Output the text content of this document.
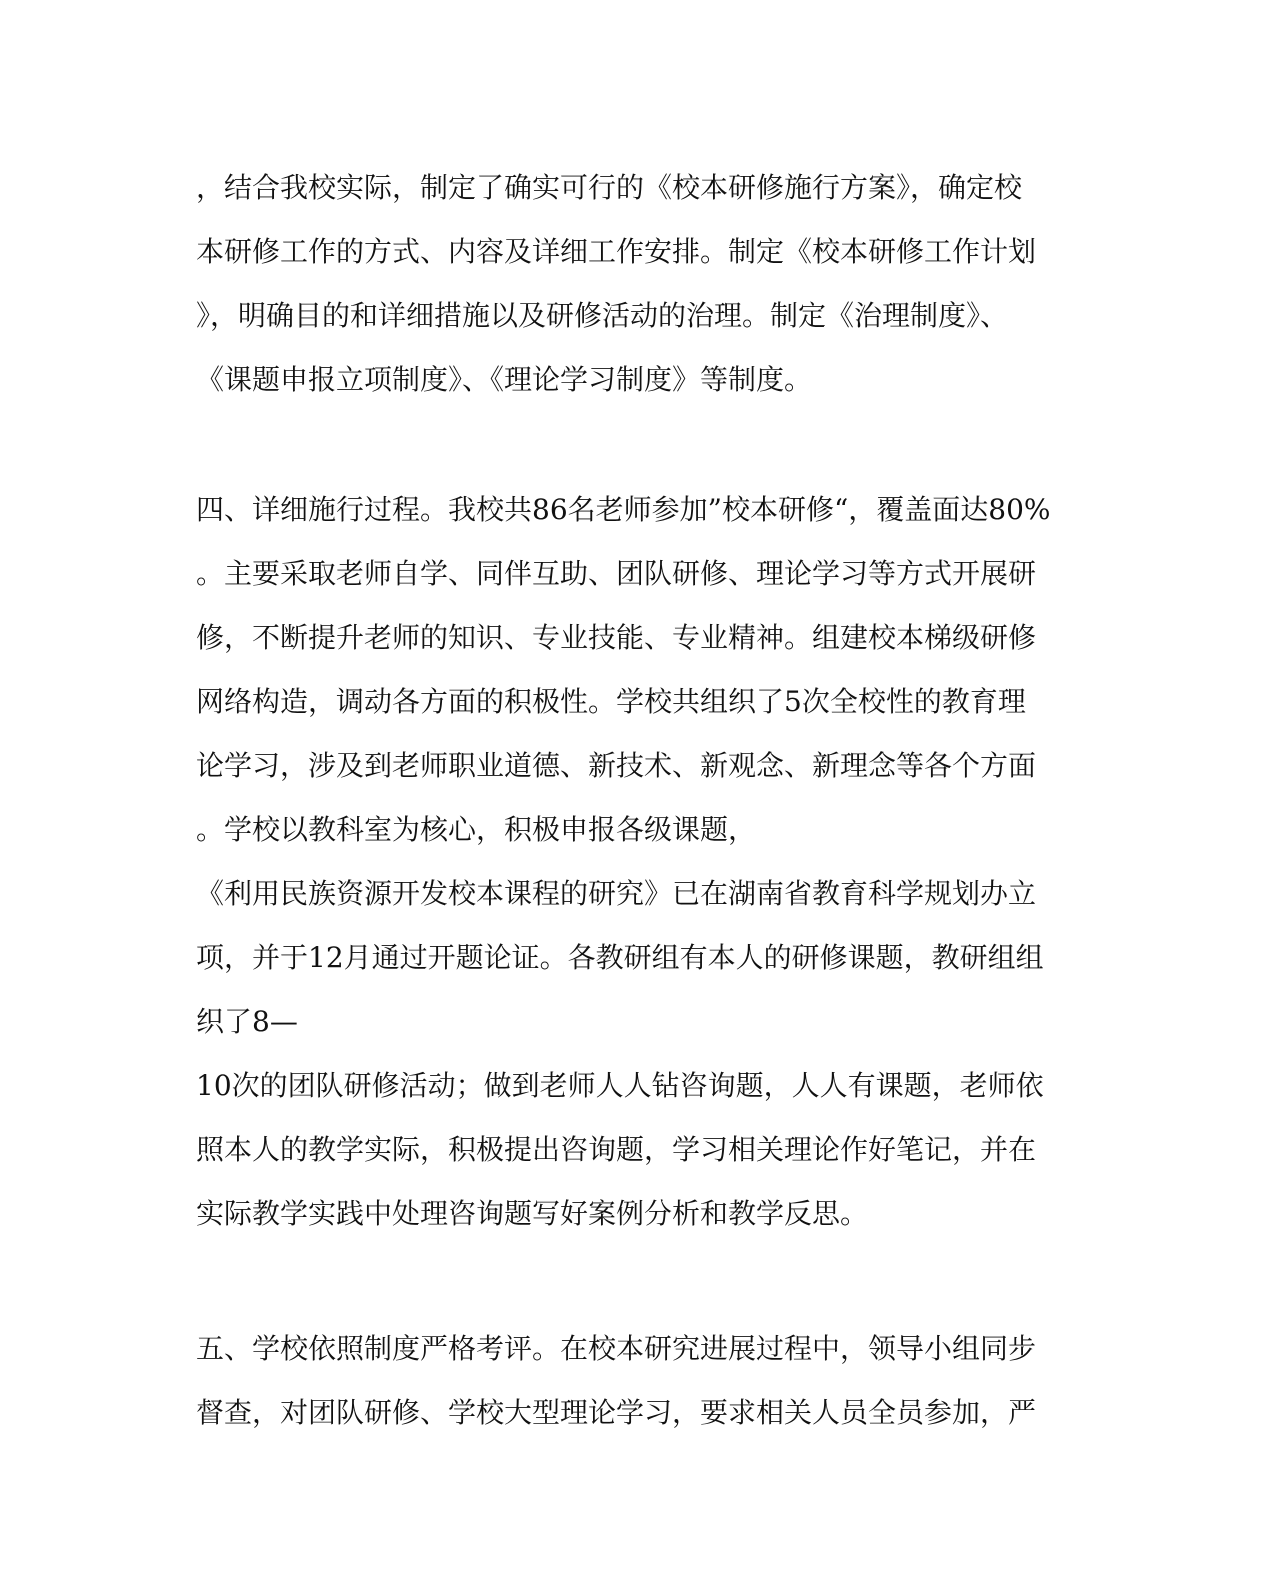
，结合我校实际，制定了确实可行的《校本研修施行方案》，确定校
本研修工作的方式、内容及详细工作安排。制定《校本研修工作计划
》，明确目的和详细措施以及研修活动的治理。制定《治理制度》、
《课题申报立项制度》、《理论学习制度》等制度。
四、详细施行过程。我校共86名老师参加”校本研修“，覆盖面达80%
。主要采取老师自学、同伴互助、团队研修、理论学习等方式开展研
修，不断提升老师的知识、专业技能、专业精神。组建校本梯级研修
网络构造，调动各方面的积极性。学校共组织了5次全校性的教育理
论学习，涉及到老师职业道德、新技术、新观念、新理念等各个方面
。学校以教科室为核心，积极申报各级课题，
《利用民族资源开发校本课程的研究》已在湖南省教育科学规划办立
项，并于12月通过开题论证。各教研组有本人的研修课题，教研组组
织了8—
10次的团队研修活动；做到老师人人钻咨询题，人人有课题，老师依
照本人的教学实际，积极提出咨询题，学习相关理论作好笔记，并在
实际教学实践中处理咨询题写好案例分析和教学反思。
五、学校依照制度严格考评。在校本研究进展过程中，领导小组同步
督查，对团队研修、学校大型理论学习，要求相关人员全员参加，严
